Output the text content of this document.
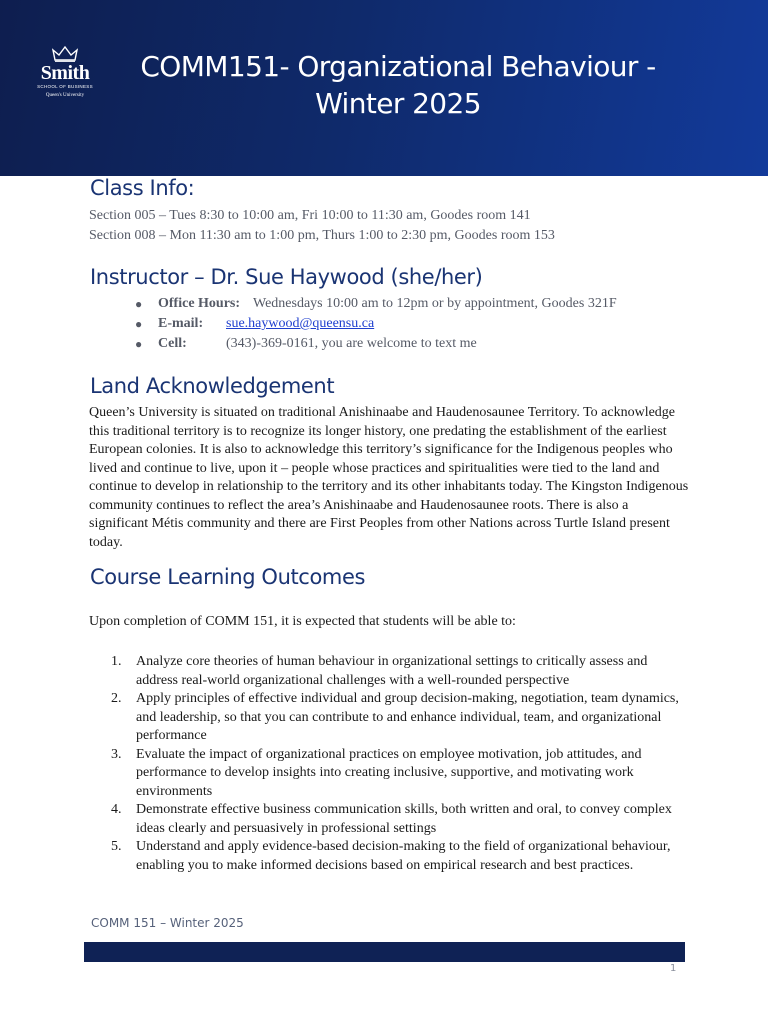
Smith
SCHOOL OF BUSINESS
Queen's University
COMM151- Organizational Behaviour - Winter 2025
Class Info:
Section 005 – Tues 8:30 to 10:00 am, Fri 10:00 to 11:30 am, Goodes room 141
Section 008 – Mon 11:30 am to 1:00 pm, Thurs 1:00 to 2:30 pm, Goodes room 153
Instructor – Dr. Sue Haywood (she/her)
● Office Hours: Wednesdays 10:00 am to 12pm or by appointment, Goodes 321F
● E-mail: sue.haywood@queensu.ca
● Cell:	(343)-369-0161, you are welcome to text me
Land Acknowledgement

Queen’s University is situated on traditional Anishinaabe and Haudenosaunee Territory. To acknowledge this traditional territory is to recognize its longer history, one predating the establishment of the earliest European colonies. It is also to acknowledge this territory’s significance for the Indigenous peoples who lived and continue to live, upon it – people whose practices and spiritualities were tied to the land and continue to develop in relationship to the territory and its other inhabitants today. The Kingston Indigenous community continues to reflect the area’s Anishinaabe and Haudenosaunee roots. There is also a significant Métis community and there are First Peoples from other Nations across Turtle Island present today.

Course Learning Outcomes

Upon completion of COMM 151, it is expected that students will be able to:

1. Analyze core theories of human behaviour in organizational settings to critically assess and address real-world organizational challenges with a well-rounded perspective
2. Apply principles of effective individual and group decision-making, negotiation, team dynamics, and leadership, so that you can contribute to and enhance individual, team, and organizational performance
3. Evaluate the impact of organizational practices on employee motivation, job attitudes, and performance to develop insights into creating inclusive, supportive, and motivating work environments
4. Demonstrate effective business communication skills, both written and oral, to convey complex ideas clearly and persuasively in professional settings
5. Understand and apply evidence-based decision-making to the field of organizational behaviour, enabling you to make informed decisions based on empirical research and best practices.
COMM 151 – Winter 2025
1
